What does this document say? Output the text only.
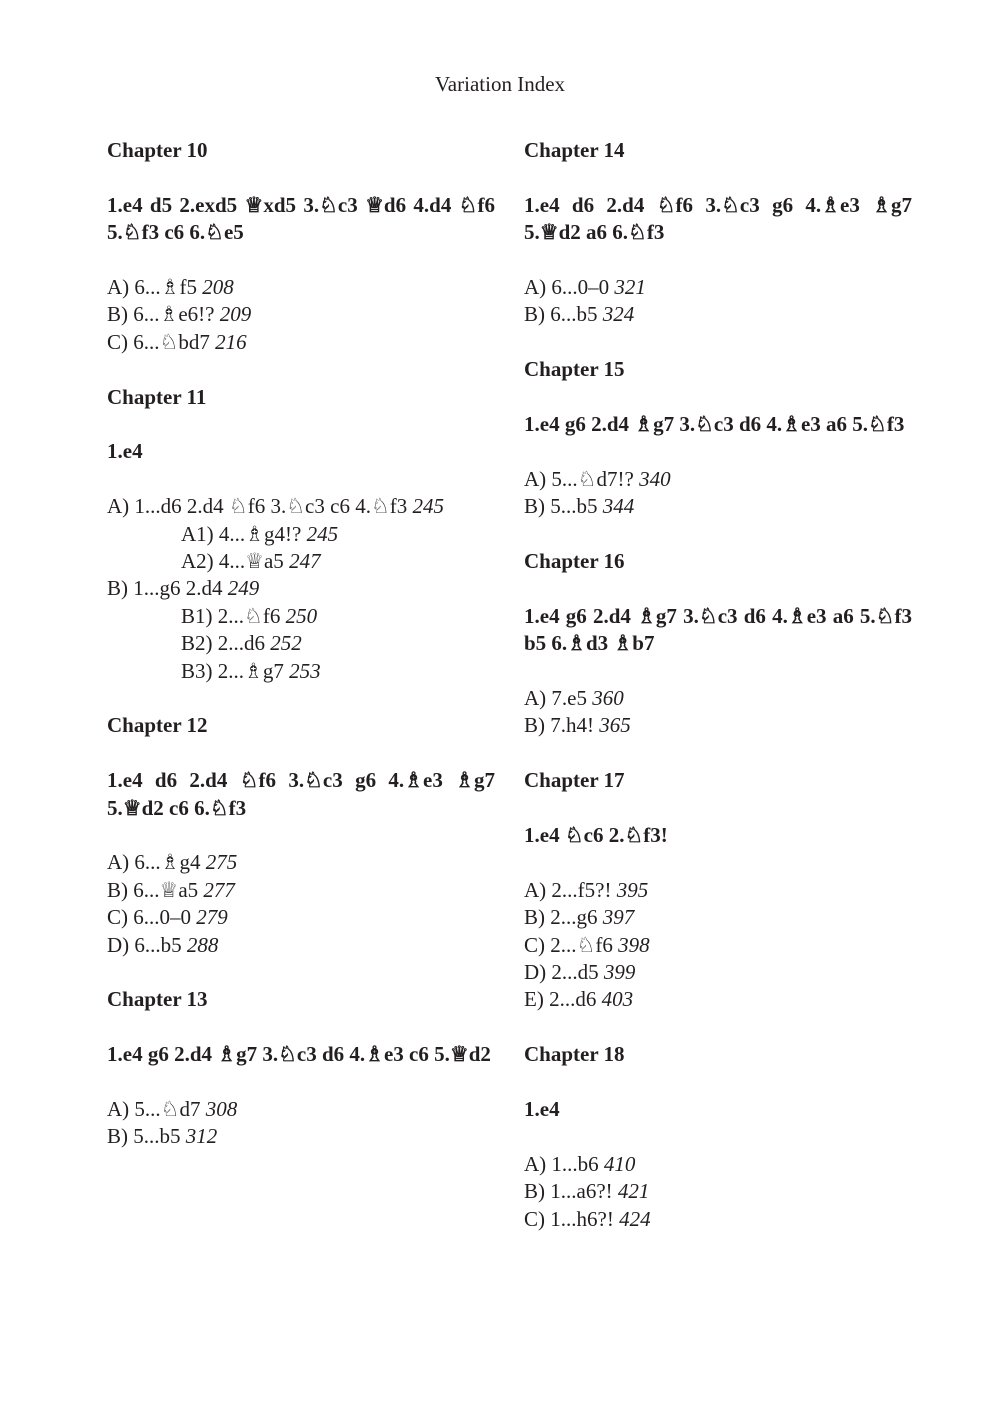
Variation Index
Chapter 10
1.e4 d5 2.exd5 ♕xd5 3.♘c3 ♕d6 4.d4 ♘f6 5.♘f3 c6 6.♘e5
A) 6...♗f5 208
B) 6...♗e6!? 209
C) 6...♘bd7 216
Chapter 11
1.e4
A) 1...d6 2.d4 ♘f6 3.♘c3 c6 4.♘f3 245
A1) 4...♗g4!? 245
A2) 4...♕a5 247
B) 1...g6 2.d4 249
B1) 2...♘f6 250
B2) 2...d6 252
B3) 2...♗g7 253
Chapter 12
1.e4 d6 2.d4 ♘f6 3.♘c3 g6 4.♗e3 ♗g7 5.♕d2 c6 6.♘f3
A) 6...♗g4 275
B) 6...♕a5 277
C) 6...0–0 279
D) 6...b5 288
Chapter 13
1.e4 g6 2.d4 ♗g7 3.♘c3 d6 4.♗e3 c6 5.♕d2
A) 5...♘d7 308
B) 5...b5 312
Chapter 14
1.e4 d6 2.d4 ♘f6 3.♘c3 g6 4.♗e3 ♗g7 5.♕d2 a6 6.♘f3
A) 6...0–0 321
B) 6...b5 324
Chapter 15
1.e4 g6 2.d4 ♗g7 3.♘c3 d6 4.♗e3 a6 5.♘f3
A) 5...♘d7!? 340
B) 5...b5 344
Chapter 16
1.e4 g6 2.d4 ♗g7 3.♘c3 d6 4.♗e3 a6 5.♘f3 b5 6.♗d3 ♗b7
A) 7.e5 360
B) 7.h4! 365
Chapter 17
1.e4 ♘c6 2.♘f3!
A) 2...f5?! 395
B) 2...g6 397
C) 2...♘f6 398
D) 2...d5 399
E) 2...d6 403
Chapter 18
1.e4
A) 1...b6 410
B) 1...a6?! 421
C) 1...h6?! 424
